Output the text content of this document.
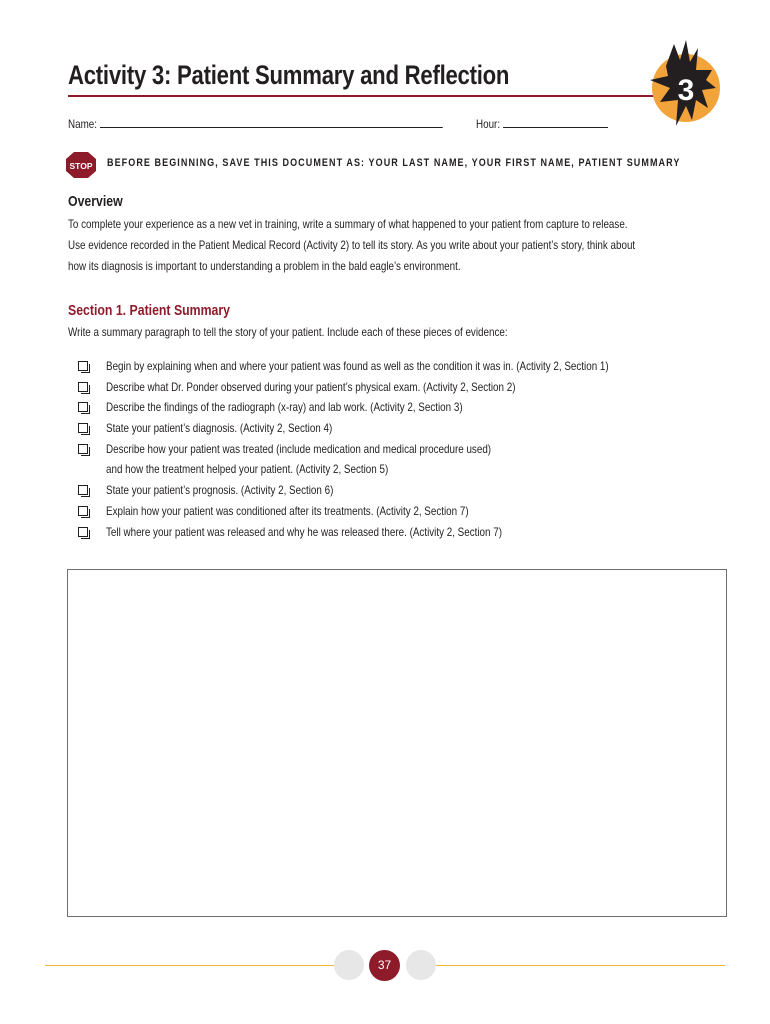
Activity 3: Patient Summary and Reflection	3
Name:	Hour:
STOP BEFORE BEGINNING, SAVE THIS DOCUMENT AS: YOUR LAST NAME, YOUR FIRST NAME, PATIENT SUMMARY
Overview
To complete your experience as a new vet in training, write a summary of what happened to your patient from capture to release.
Use evidence recorded in the Patient Medical Record (Activity 2) to tell its story. As you write about your patient’s story, think about
how its diagnosis is important to understanding a problem in the bald eagle’s environment.
Section 1. Patient Summary
Write a summary paragraph to tell the story of your patient. Include each of these pieces of evidence:
Begin by explaining when and where your patient was found as well as the condition it was in. (Activity 2, Section 1)
Describe what Dr. Ponder observed during your patient’s physical exam. (Activity 2, Section 2)
Describe the findings of the radiograph (x-ray) and lab work. (Activity 2, Section 3)
State your patient’s diagnosis. (Activity 2, Section 4)
Describe how your patient was treated (include medication and medical procedure used)
and how the treatment helped your patient. (Activity 2, Section 5)
State your patient’s prognosis. (Activity 2, Section 6)
Explain how your patient was conditioned after its treatments. (Activity 2, Section 7)
Tell where your patient was released and why he was released there. (Activity 2, Section 7)
37
